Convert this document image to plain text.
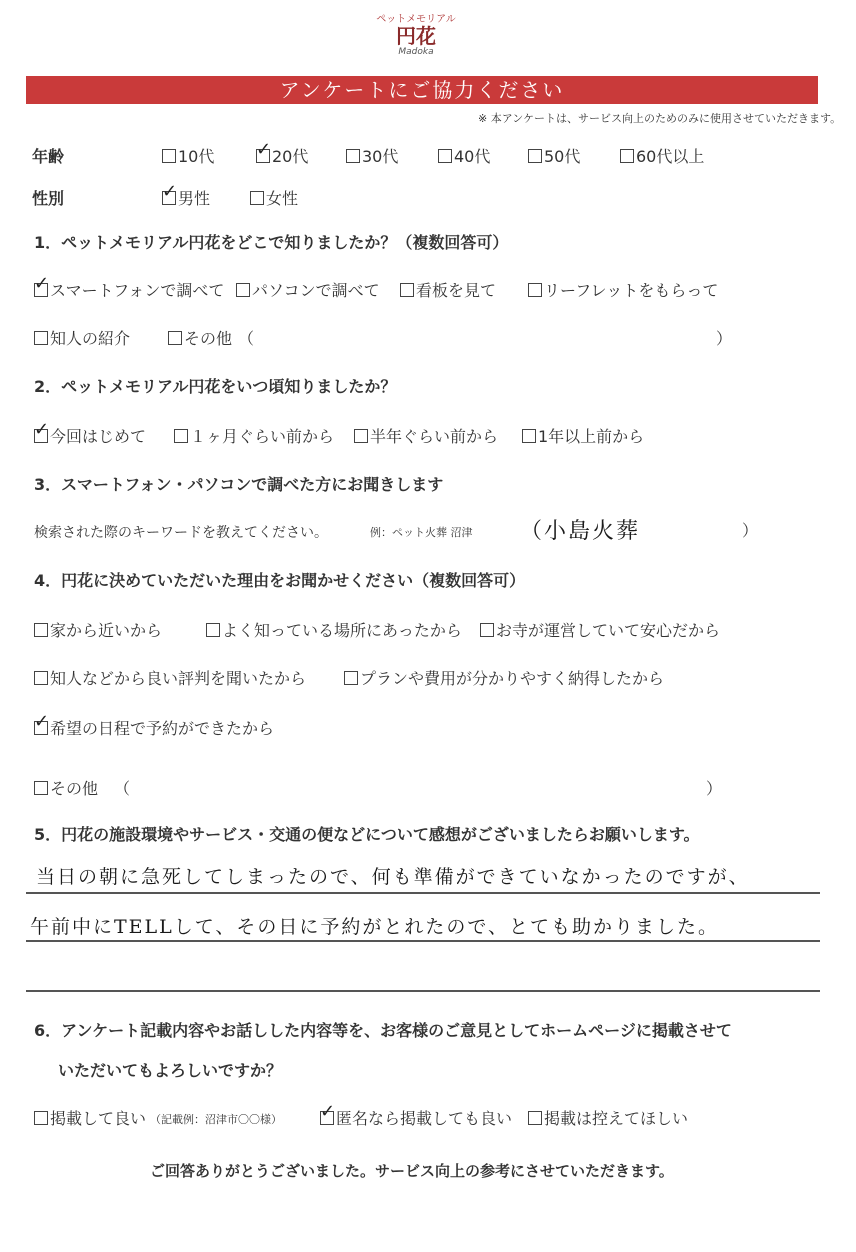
ペットメモリアル
円花
Madoka
アンケートにご協力ください
※ 本アンケートは、サービス向上のためのみに使用させていただきます。
年齢	10代 ✓	20代	30代	40代	50代	60代以上
性別 ✓	男性	女性
1．ペットメモリアル円花をどこで知りましたか？（複数回答可）
✓スマートフォンで調べて	パソコンで調べて	看板を見て	リーフレットをもらって
知人の紹介	その他 （	）
2．ペットメモリアル円花をいつ頃知りましたか？
✓今回はじめて	１ヶ月ぐらい前から	半年ぐらい前から	1年以上前から
3．スマートフォン・パソコンで調べた方にお聞きします
検索された際のキーワードを教えてください。	例：ペット火葬 沼津 （小島火葬	）
4．円花に決めていただいた理由をお聞かせください（複数回答可）
家から近いから	よく知っている場所にあったから	お寺が運営していて安心だから
知人などから良い評判を聞いたから	プランや費用が分かりやすく納得したから
✓希望の日程で予約ができたから
その他 （	）
5．円花の施設環境やサービス・交通の便などについて感想がございましたらお願いします。
当日の朝に急死してしまったので、何も準備ができていなかったのですが、
午前中にTELLして、その日に予約がとれたので、とても助かりました。
6．アンケート記載内容やお話しした内容等を、お客様のご意見としてホームページに掲載させて
いただいてもよろしいですか？
掲載して良い （記載例：沼津市〇〇様） ✓	匿名なら掲載しても良い	掲載は控えてほしい
ご回答ありがとうございました。サービス向上の参考にさせていただきます。
